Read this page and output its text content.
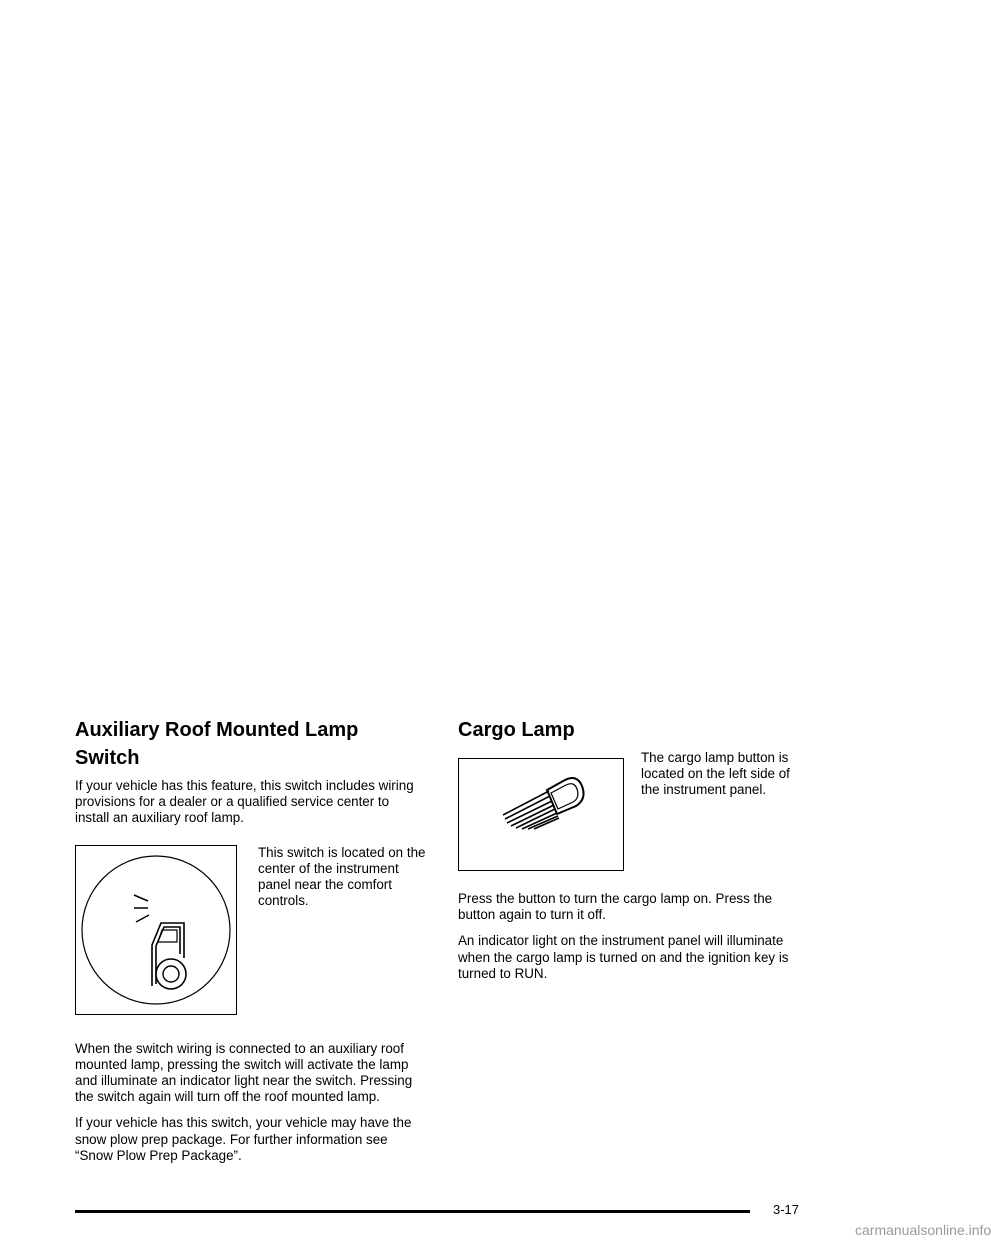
Auxiliary Roof Mounted Lamp Switch

If your vehicle has this feature, this switch includes wiring provisions for a dealer or a qualified service center to install an auxiliary roof lamp.

This switch is located on the center of the instrument panel near the comfort controls.

When the switch wiring is connected to an auxiliary roof mounted lamp, pressing the switch will activate the lamp and illuminate an indicator light near the switch. Pressing the switch again will turn off the roof mounted lamp.

If your vehicle has this switch, your vehicle may have the snow plow prep package. For further information see “Snow Plow Prep Package”.

Cargo Lamp

The cargo lamp button is located on the left side of the instrument panel.

Press the button to turn the cargo lamp on. Press the button again to turn it off.

An indicator light on the instrument panel will illuminate when the cargo lamp is turned on and the ignition key is turned to RUN.

3-17
carmanualsonline.info
